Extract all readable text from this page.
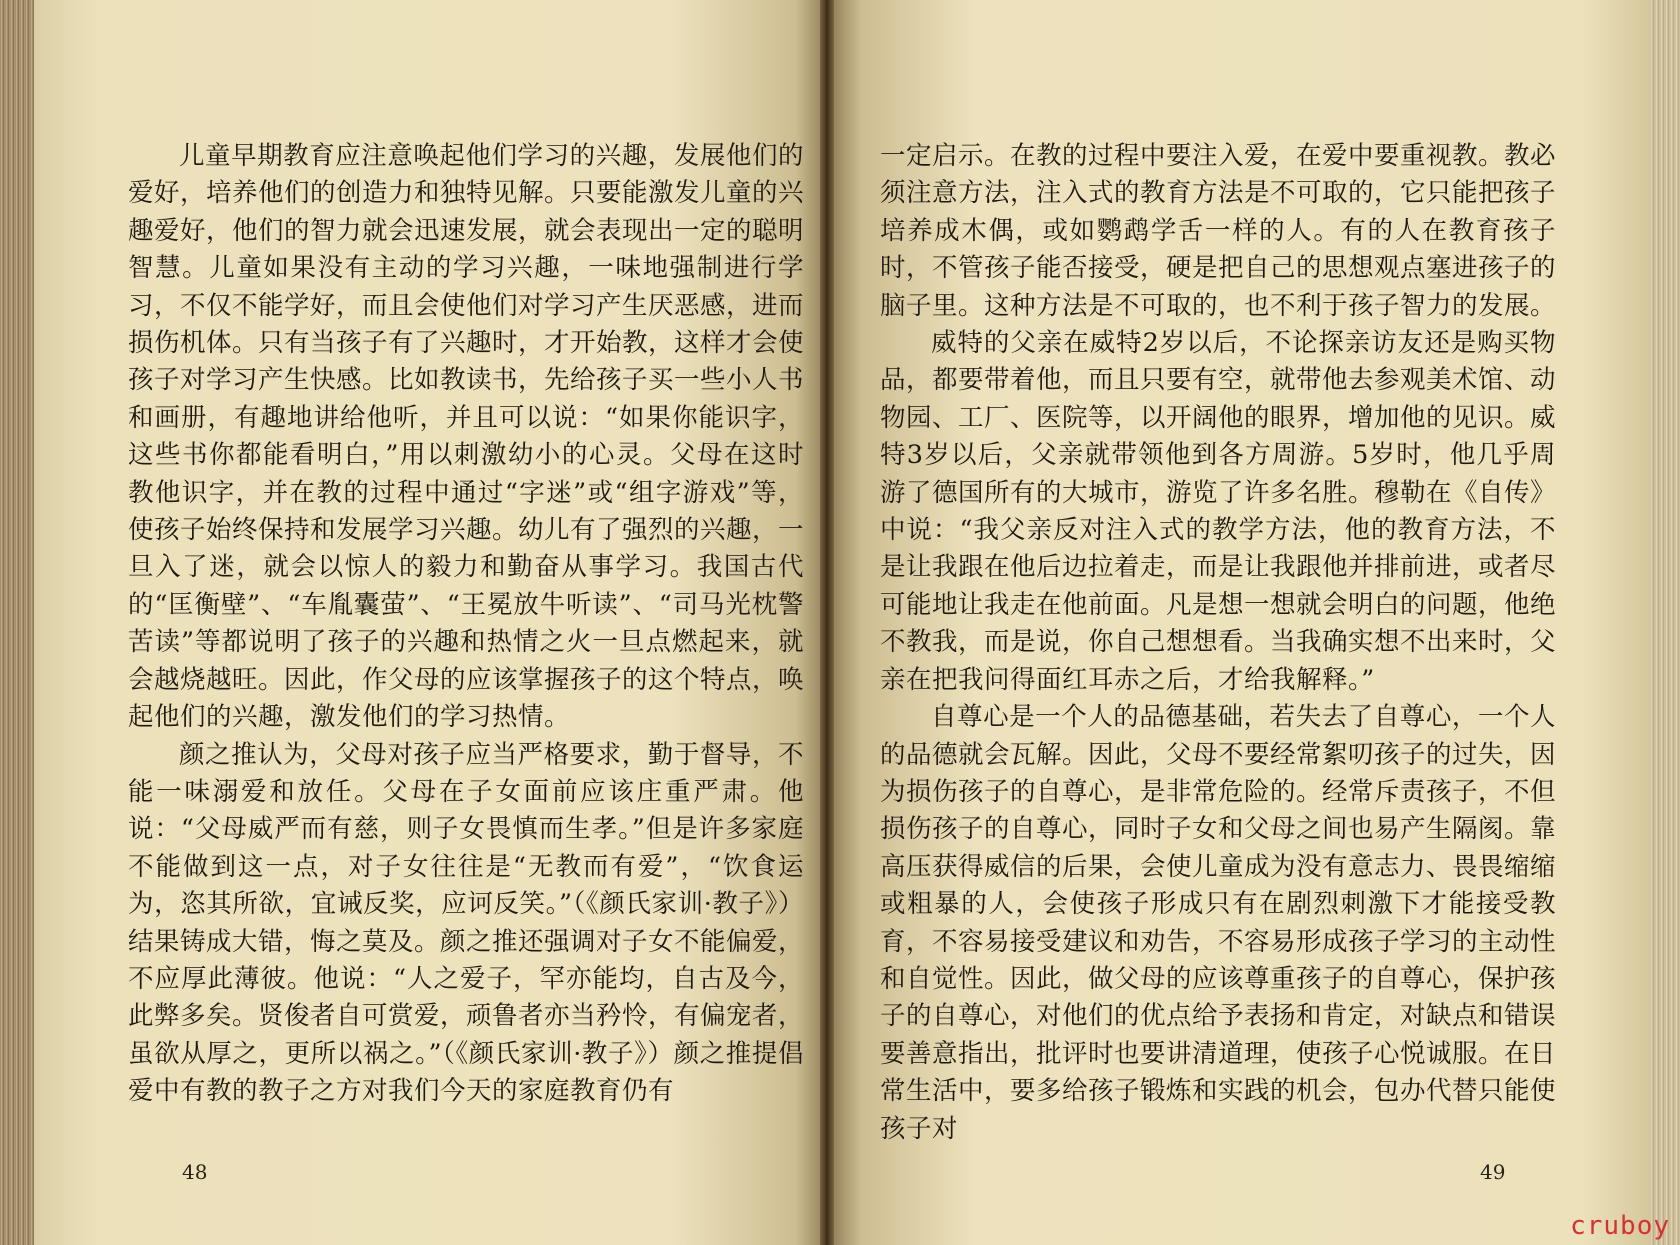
儿童早期教育应注意唤起他们学习的兴趣，发展他们的爱好，培养他们的创造力和独特见解。只要能激发儿童的兴趣爱好，他们的智力就会迅速发展，就会表现出一定的聪明智慧。儿童如果没有主动的学习兴趣，一味地强制进行学习，不仅不能学好，而且会使他们对学习产生厌恶感，进而损伤机体。只有当孩子有了兴趣时，才开始教，这样才会使孩子对学习产生快感。比如教读书，先给孩子买一些小人书和画册，有趣地讲给他听，并且可以说：“如果你能识字，这些书你都能看明白，”用以刺激幼小的心灵。父母在这时教他识字，并在教的过程中通过“字迷”或“组字游戏”等，使孩子始终保持和发展学习兴趣。幼儿有了强烈的兴趣，一旦入了迷，就会以惊人的毅力和勤奋从事学习。我国古代的“匡衡壁”、“车胤囊萤”、“王冕放牛听读”、“司马光枕警苦读”等都说明了孩子的兴趣和热情之火一旦点燃起来，就会越烧越旺。因此，作父母的应该掌握孩子的这个特点，唤起他们的兴趣，激发他们的学习热情。

颜之推认为，父母对孩子应当严格要求，勤于督导，不能一味溺爱和放任。父母在子女面前应该庄重严肃。他说：“父母威严而有慈，则子女畏慎而生孝。”但是许多家庭不能做到这一点，对子女往往是“无教而有爱”，“饮食运为，恣其所欲，宜诫反奖，应诃反笑。”（《颜氏家训·教子》）结果铸成大错，悔之莫及。颜之推还强调对子女不能偏爱，不应厚此薄彼。他说：“人之爱子，罕亦能均，自古及今，此弊多矣。贤俊者自可赏爱，顽鲁者亦当矜怜，有偏宠者，虽欲从厚之，更所以祸之。”（《颜氏家训·教子》）颜之推提倡爱中有教的教子之方对我们今天的家庭教育仍有

一定启示。在教的过程中要注入爱，在爱中要重视教。教必须注意方法，注入式的教育方法是不可取的，它只能把孩子培养成木偶，或如鹦鹉学舌一样的人。有的人在教育孩子时，不管孩子能否接受，硬是把自己的思想观点塞进孩子的脑子里。这种方法是不可取的，也不利于孩子智力的发展。

威特的父亲在威特2岁以后，不论探亲访友还是购买物品，都要带着他，而且只要有空，就带他去参观美术馆、动物园、工厂、医院等，以开阔他的眼界，增加他的见识。威特3岁以后，父亲就带领他到各方周游。5岁时，他几乎周游了德国所有的大城市，游览了许多名胜。穆勒在《自传》中说：“我父亲反对注入式的教学方法，他的教育方法，不是让我跟在他后边拉着走，而是让我跟他并排前进，或者尽可能地让我走在他前面。凡是想一想就会明白的问题，他绝不教我，而是说，你自己想想看。当我确实想不出来时，父亲在把我问得面红耳赤之后，才给我解释。”

自尊心是一个人的品德基础，若失去了自尊心，一个人的品德就会瓦解。因此，父母不要经常絮叨孩子的过失，因为损伤孩子的自尊心，是非常危险的。经常斥责孩子，不但损伤孩子的自尊心，同时子女和父母之间也易产生隔阂。靠高压获得威信的后果，会使儿童成为没有意志力、畏畏缩缩或粗暴的人，会使孩子形成只有在剧烈刺激下才能接受教育，不容易接受建议和劝告，不容易形成孩子学习的主动性和自觉性。因此，做父母的应该尊重孩子的自尊心，保护孩子的自尊心，对他们的优点给予表扬和肯定，对缺点和错误要善意指出，批评时也要讲清道理，使孩子心悦诚服。在日常生活中，要多给孩子锻炼和实践的机会，包办代替只能使孩子对

48	49
cruboy
